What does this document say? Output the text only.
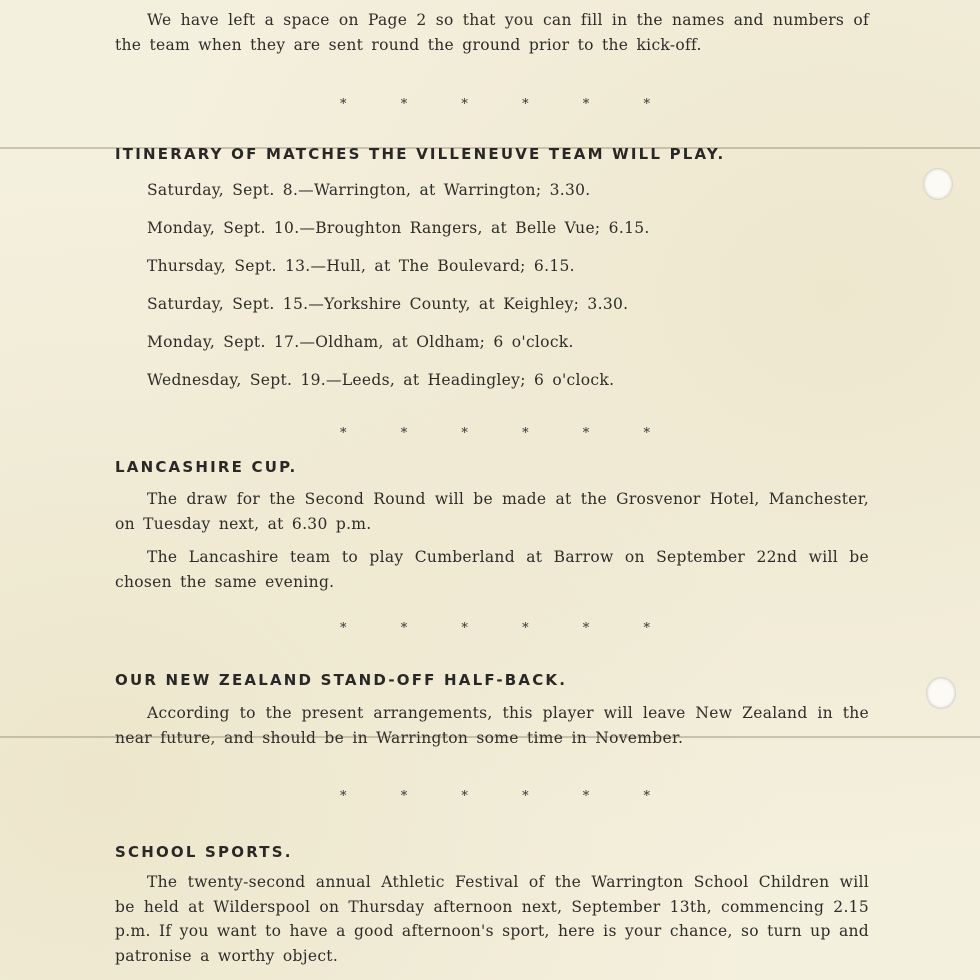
We have left a space on Page 2 so that you can fill in the names and numbers of the team when they are sent round the ground prior to the kick-off.

*	*	*	*	*	*
ITINERARY OF MATCHES THE VILLENEUVE TEAM WILL PLAY.
Saturday, Sept. 8.—Warrington, at Warrington; 3.30.
Monday, Sept. 10.—Broughton Rangers, at Belle Vue; 6.15.
Thursday, Sept. 13.—Hull, at The Boulevard; 6.15.
Saturday, Sept. 15.—Yorkshire County, at Keighley; 3.30.
Monday, Sept. 17.—Oldham, at Oldham; 6 o'clock.
Wednesday, Sept. 19.—Leeds, at Headingley; 6 o'clock.
*	*	*	*	*	*
LANCASHIRE CUP.

The draw for the Second Round will be made at the Grosvenor Hotel, Manchester, on Tuesday next, at 6.30 p.m.

The Lancashire team to play Cumberland at Barrow on September 22nd will be chosen the same evening.

*	*	*	*	*	*
OUR NEW ZEALAND STAND-OFF HALF-BACK.

According to the present arrangements, this player will leave New Zealand in the near future, and should be in Warrington some time in November.

*	*	*	*	*	*
SCHOOL SPORTS.

The twenty-second annual Athletic Festival of the Warrington School Children will be held at Wilderspool on Thursday afternoon next, September 13th, commencing 2.15 p.m. If you want to have a good afternoon's sport, here is your chance, so turn up and patronise a worthy object.
